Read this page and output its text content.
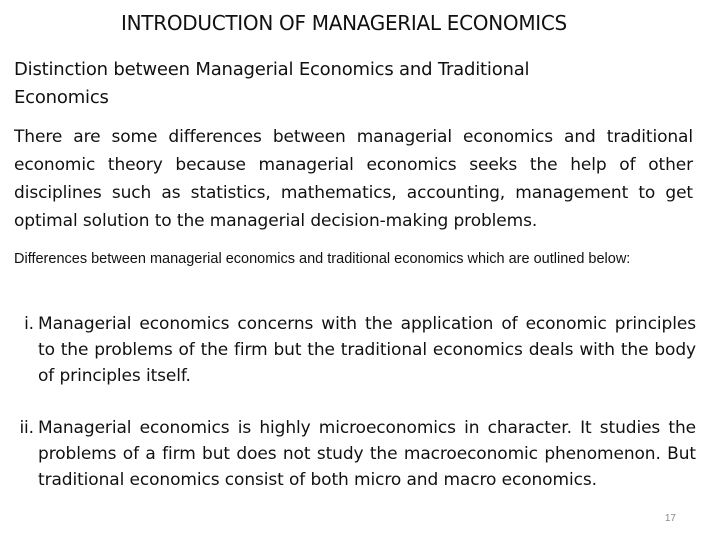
INTRODUCTION OF MANAGERIAL ECONOMICS
Distinction between Managerial Economics and Traditional Economics
There are some differences between managerial economics and traditional economic theory because managerial economics seeks the help of other disciplines such as statistics, mathematics, accounting, management to get optimal solution to the managerial decision-making problems.
Differences between managerial economics and traditional economics which are outlined below:
i. Managerial economics concerns with the application of economic principles to the problems of the firm but the traditional economics deals with the body of principles itself.
ii. Managerial economics is highly microeconomics in character. It studies the problems of a firm but does not study the macroeconomic phenomenon. But traditional economics consist of both micro and macro economics.
17
